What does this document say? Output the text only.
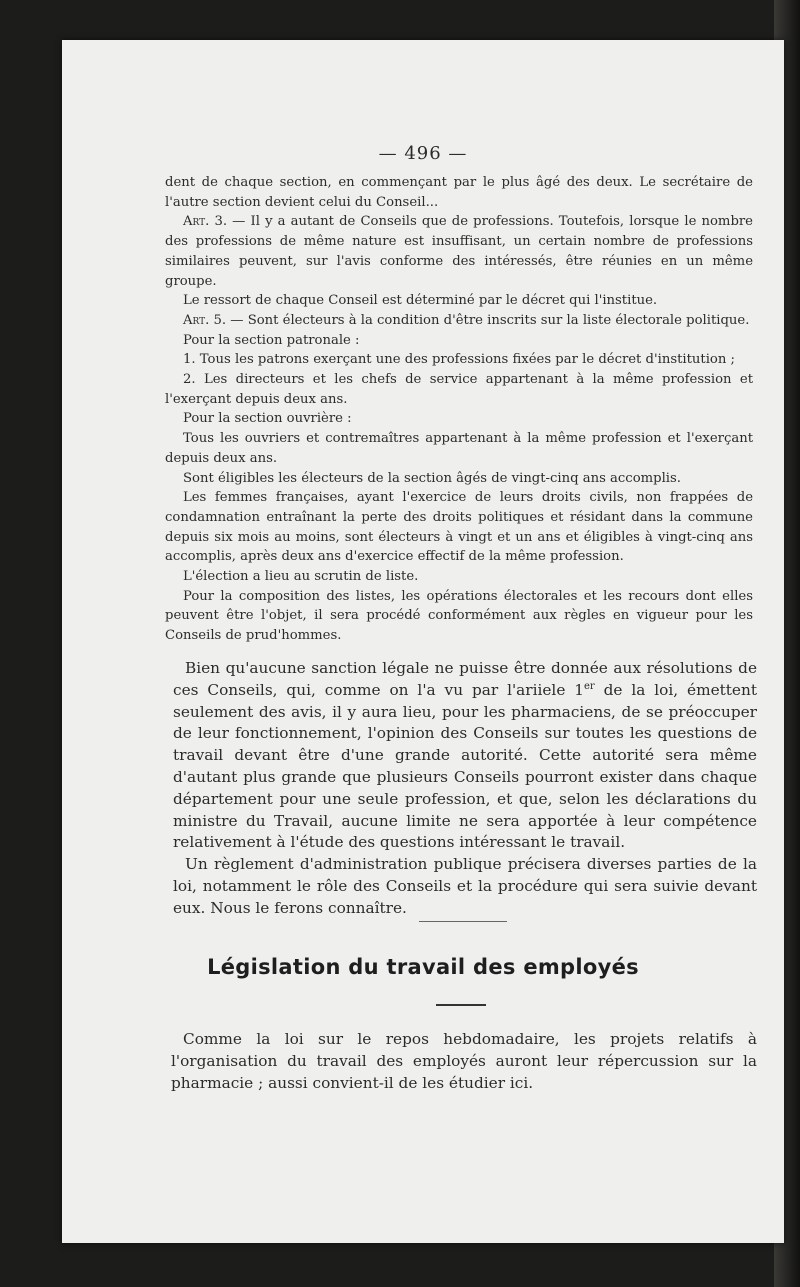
— 496 —

dent de chaque section, en commençant par le plus âgé des deux. Le secrétaire de l'autre section devient celui du Conseil...

Art. 3. — Il y a autant de Conseils que de professions. Toutefois, lorsque le nombre des professions de même nature est insuffisant, un certain nombre de professions similaires peuvent, sur l'avis conforme des intéressés, être réunies en un même groupe.

Le ressort de chaque Conseil est déterminé par le décret qui l'institue.

Art. 5. — Sont électeurs à la condition d'être inscrits sur la liste électorale politique.

Pour la section patronale :

1. Tous les patrons exerçant une des professions fixées par le décret d'institution ;

2. Les directeurs et les chefs de service appartenant à la même profession et l'exerçant depuis deux ans.

Pour la section ouvrière :

Tous les ouvriers et contremaîtres appartenant à la même profession et l'exerçant depuis deux ans.

Sont éligibles les électeurs de la section âgés de vingt-cinq ans accomplis.

Les femmes françaises, ayant l'exercice de leurs droits civils, non frappées de condamnation entraînant la perte des droits politiques et résidant dans la commune depuis six mois au moins, sont électeurs à vingt et un ans et éligibles à vingt-cinq ans accomplis, après deux ans d'exercice effectif de la même profession.

L'élection a lieu au scrutin de liste.

Pour la composition des listes, les opérations électorales et les recours dont elles peuvent être l'objet, il sera procédé conformément aux règles en vigueur pour les Conseils de prud'hommes.

Bien qu'aucune sanction légale ne puisse être donnée aux résolutions de ces Conseils, qui, comme on l'a vu par l'ariiele 1er de la loi, émettent seulement des avis, il y aura lieu, pour les pharmaciens, de se préoccuper de leur fonctionnement, l'opinion des Conseils sur toutes les questions de travail devant être d'une grande autorité. Cette autorité sera même d'autant plus grande que plusieurs Conseils pourront exister dans chaque département pour une seule profession, et que, selon les déclarations du ministre du Travail, aucune limite ne sera apportée à leur compétence relativement à l'étude des questions intéressant le travail.

Un règlement d'administration publique précisera diverses parties de la loi, notamment le rôle des Conseils et la procédure qui sera suivie devant eux. Nous le ferons connaître.

Législation du travail des employés

Comme la loi sur le repos hebdomadaire, les projets relatifs à l'organisation du travail des employés auront leur répercussion sur la pharmacie ; aussi convient-il de les étudier ici.
